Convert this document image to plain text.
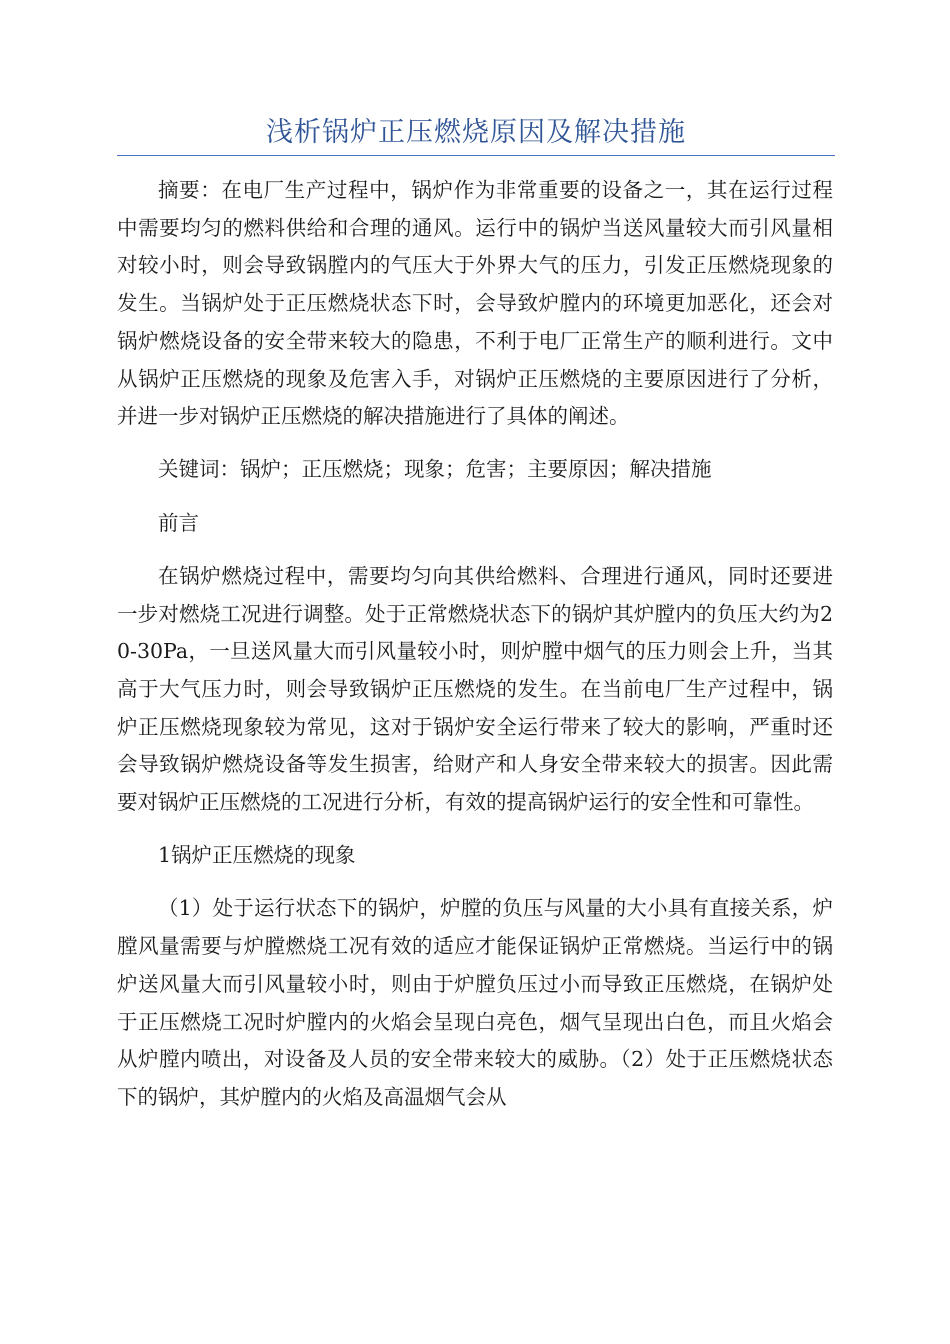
浅析锅炉正压燃烧原因及解决措施

摘要：在电厂生产过程中，锅炉作为非常重要的设备之一，其在运行过程中需要均匀的燃料供给和合理的通风。运行中的锅炉当送风量较大而引风量相对较小时，则会导致锅膛内的气压大于外界大气的压力，引发正压燃烧现象的发生。当锅炉处于正压燃烧状态下时，会导致炉膛内的环境更加恶化，还会对锅炉燃烧设备的安全带来较大的隐患，不利于电厂正常生产的顺利进行。文中从锅炉正压燃烧的现象及危害入手，对锅炉正压燃烧的主要原因进行了分析，并进一步对锅炉正压燃烧的解决措施进行了具体的阐述。

关键词：锅炉；正压燃烧；现象；危害；主要原因；解决措施

前言

在锅炉燃烧过程中，需要均匀向其供给燃料、合理进行通风，同时还要进一步对燃烧工况进行调整。处于正常燃烧状态下的锅炉其炉膛内的负压大约为20-30Pa，一旦送风量大而引风量较小时，则炉膛中烟气的压力则会上升，当其高于大气压力时，则会导致锅炉正压燃烧的发生。在当前电厂生产过程中，锅炉正压燃烧现象较为常见，这对于锅炉安全运行带来了较大的影响，严重时还会导致锅炉燃烧设备等发生损害，给财产和人身安全带来较大的损害。因此需要对锅炉正压燃烧的工况进行分析，有效的提高锅炉运行的安全性和可靠性。

1锅炉正压燃烧的现象

（1）处于运行状态下的锅炉，炉膛的负压与风量的大小具有直接关系，炉膛风量需要与炉膛燃烧工况有效的适应才能保证锅炉正常燃烧。当运行中的锅炉送风量大而引风量较小时，则由于炉膛负压过小而导致正压燃烧，在锅炉处于正压燃烧工况时炉膛内的火焰会呈现白亮色，烟气呈现出白色，而且火焰会从炉膛内喷出，对设备及人员的安全带来较大的威胁。（2）处于正压燃烧状态下的锅炉，其炉膛内的火焰及高温烟气会从
